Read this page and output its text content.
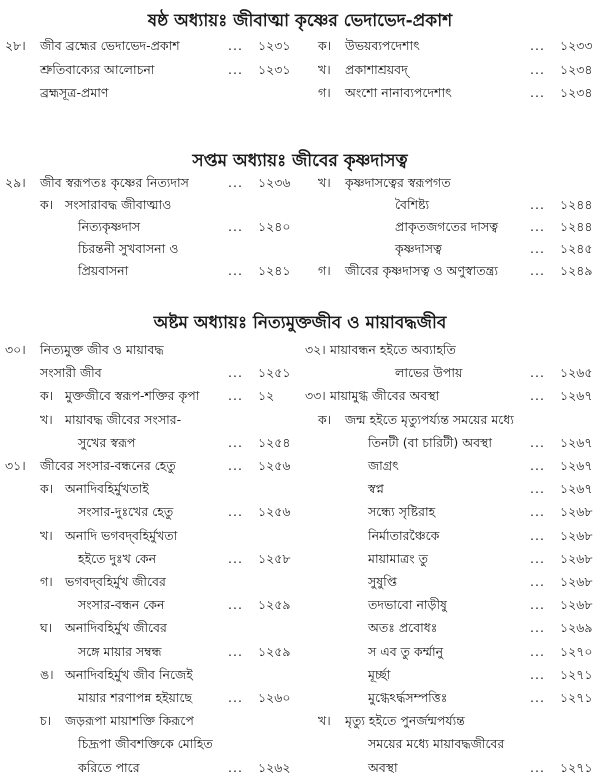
ষষ্ঠ অধ্যায়ঃ জীবাত্মা কৃষ্ণের ভেদাভেদ-প্রকাশ
২৮। জীব ব্রহ্মের ভেদাভেদ-প্রকাশ	... ১২৩১
শ্রুতিবাক্যের আলোচনা	... ১২৩১
ব্রহ্মসূত্র-প্রমাণ
ক। উভয়ব্যপদেশাৎ	... ১২৩৩
খ। প্রকাশাশ্রয়বদ্	... ১২৩৪
গ। অংশো নানাব্যপদেশাৎ	... ১২৩৪
সপ্তম অধ্যায়ঃ জীবের কৃষ্ণদাসত্ব
২৯। জীব স্বরূপতঃ কৃষ্ণের নিত্যদাস	... ১২৩৬
ক। সংসারাবদ্ধ জীবাত্মাও
নিত্যকৃষ্ণদাস	... ১২৪০
চিরন্তনী সুখবাসনা ও
প্রিয়বাসনা	... ১২৪১
খ। কৃষ্ণদাসত্বের স্বরূপগত
বৈশিষ্ট্য	... ১২৪৪
প্রাকৃতজগতের দাসত্ব	... ১২৪৪
কৃষ্ণদাসত্ব	... ১২৪৫
গ। জীবের কৃষ্ণদাসত্ব ও অণুস্বাতন্ত্র্য	... ১২৪৯
অষ্টম অধ্যায়ঃ নিত্যমুক্তজীব ও মায়াবদ্ধজীব
৩০। নিত্যমুক্ত জীব ও মায়াবদ্ধ
সংসারী জীব	... ১২৫১
ক। মুক্তজীবে স্বরূপ-শক্তির কৃপা ... ১২
খ। মায়াবদ্ধ জীবের সংসার-
সুখের স্বরূপ	... ১২৫৪
৩১। জীবের সংসার-বন্ধনের হেতু	... ১২৫৬
ক। অনাদিবহির্মুখতাই
সংসার-দুঃখের হেতু	... ১২৫৬
খ। অনাদি ভগবদ্‌বহির্মুখতা
হইতে দুঃখ কেন	... ১২৫৮
গ। ভগবদ্‌বহির্মুখ জীবের
সংসার-বন্ধন কেন	... ১২৫৯
ঘ। অনাদিবহির্মুখ জীবের
সঙ্গে মায়ার সম্বন্ধ	... ১২৫৯
ঙ। অনাদিবহির্মুখ জীব নিজেই
মায়ার শরণাপন্ন হইয়াছে	... ১২৬০
চ। জড়রূপা মায়াশক্তি কিরূপে
চিদ্রূপা জীবশক্তিকে মোহিত
করিতে পারে	... ১২৬২
৩২। মায়াবন্ধন হইতে অব্যাহতি
লাভের উপায়	... ১২৬৫
৩৩। মায়ামুগ্ধ জীবের অবস্থা	... ১২৬৭
ক। জন্ম হইতে মৃত্যুপর্য্যন্ত সময়ের মধ্যে
তিনটী (বা চারিটী) অবস্থা	... ১২৬৭
জাগ্রৎ	... ১২৬৭
স্বপ্ন	... ১২৬৭
সন্ধ্যে সৃষ্টিরাহ	... ১২৬৮
নির্মাতারঞ্চৈকে	... ১২৬৮
মায়ামাত্রং তু	... ১২৬৮
সুষুপ্তি	... ১২৬৮
তদভাবো নাড়ীষু	... ১২৬৮
অতঃ প্রবোধঃ	... ১২৬৯
স এব তু কর্ম্মানু	... ১২৭০
মূর্চ্ছা	... ১২৭১
মুগ্ধেঽর্দ্ধসম্পত্তিঃ	... ১২৭১
খ। মৃত্যু হইতে পুনর্জন্মপর্য্যন্ত
সময়ের মধ্যে মায়াবদ্ধজীবের
অবস্থা	... ১২৭১
